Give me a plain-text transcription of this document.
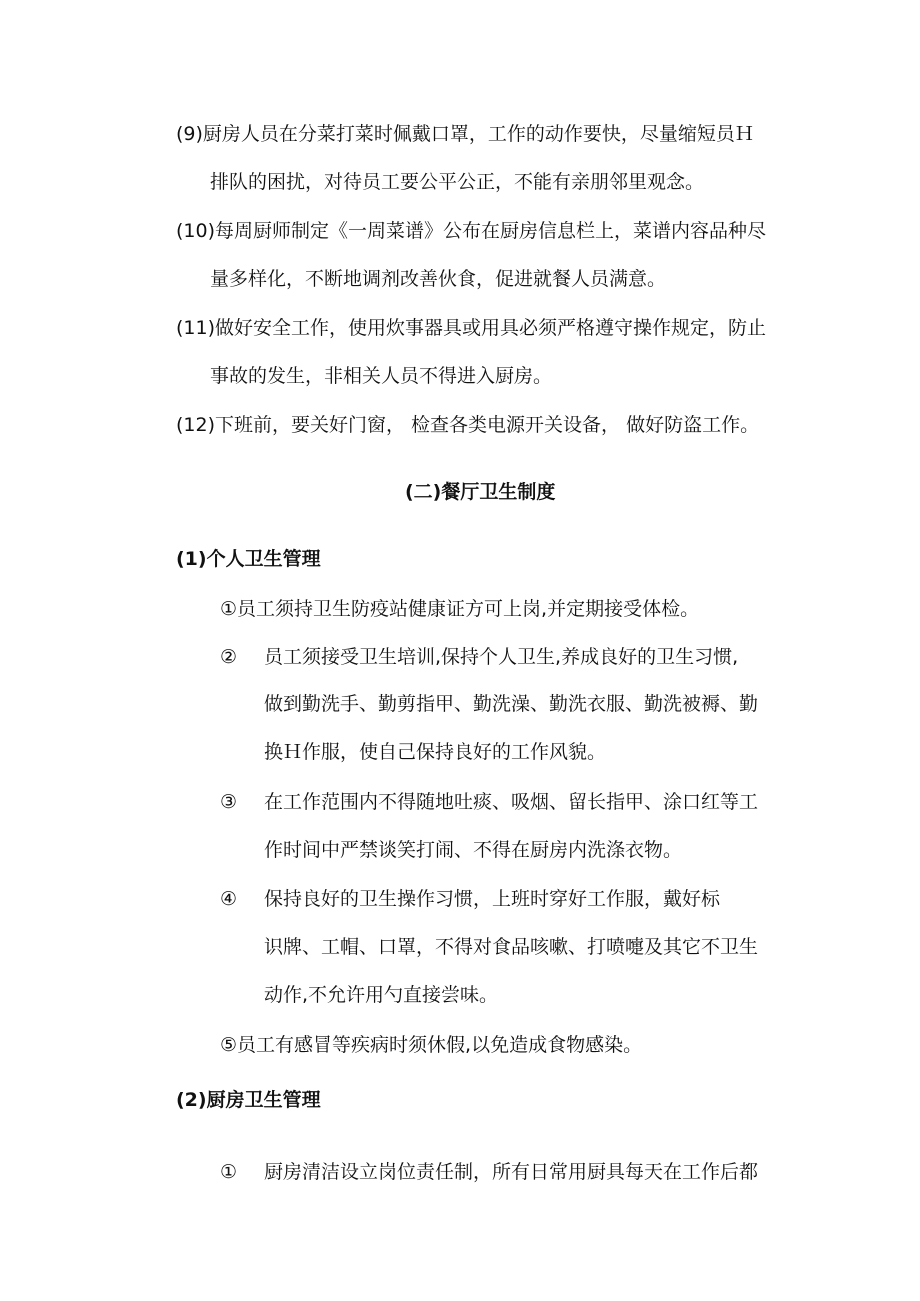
(9)厨房人员在分菜打菜时佩戴口罩，工作的动作要快，尽量缩短员Ｈ
排队的困扰，对待员工要公平公正，不能有亲朋邻里观念。
(10)每周厨师制定《一周菜谱》公布在厨房信息栏上，菜谱内容品种尽
量多样化，不断地调剂改善伙食，促进就餐人员满意。
(11)做好安全工作，使用炊事器具或用具必须严格遵守操作规定，防止
事故的发生，非相关人员不得进入厨房。
(12)下班前，要关好门窗， 检查各类电源开关设备， 做好防盗工作。
(二)餐厅卫生制度
(1)个人卫生管理
①员工须持卫生防疫站健康证方可上岗,并定期接受体检。
② 员工须接受卫生培训,保持个人卫生,养成良好的卫生习惯,
做到勤洗手、勤剪指甲、勤洗澡、勤洗衣服、勤洗被褥、勤
换Ｈ作服，使自己保持良好的工作风貌。
③ 在工作范围内不得随地吐痰、吸烟、留长指甲、涂口红等工
作时间中严禁谈笑打闹、不得在厨房内洗涤衣物。
④ 保持良好的卫生操作习惯，上班时穿好工作服，戴好标
识牌、工帽、口罩，不得对食品咳嗽、打喷嚏及其它不卫生
动作,不允许用勺直接尝味。
⑤员工有感冒等疾病时须休假,以免造成食物感染。
(2)厨房卫生管理
① 厨房清洁设立岗位责任制，所有日常用厨具每天在工作后都
